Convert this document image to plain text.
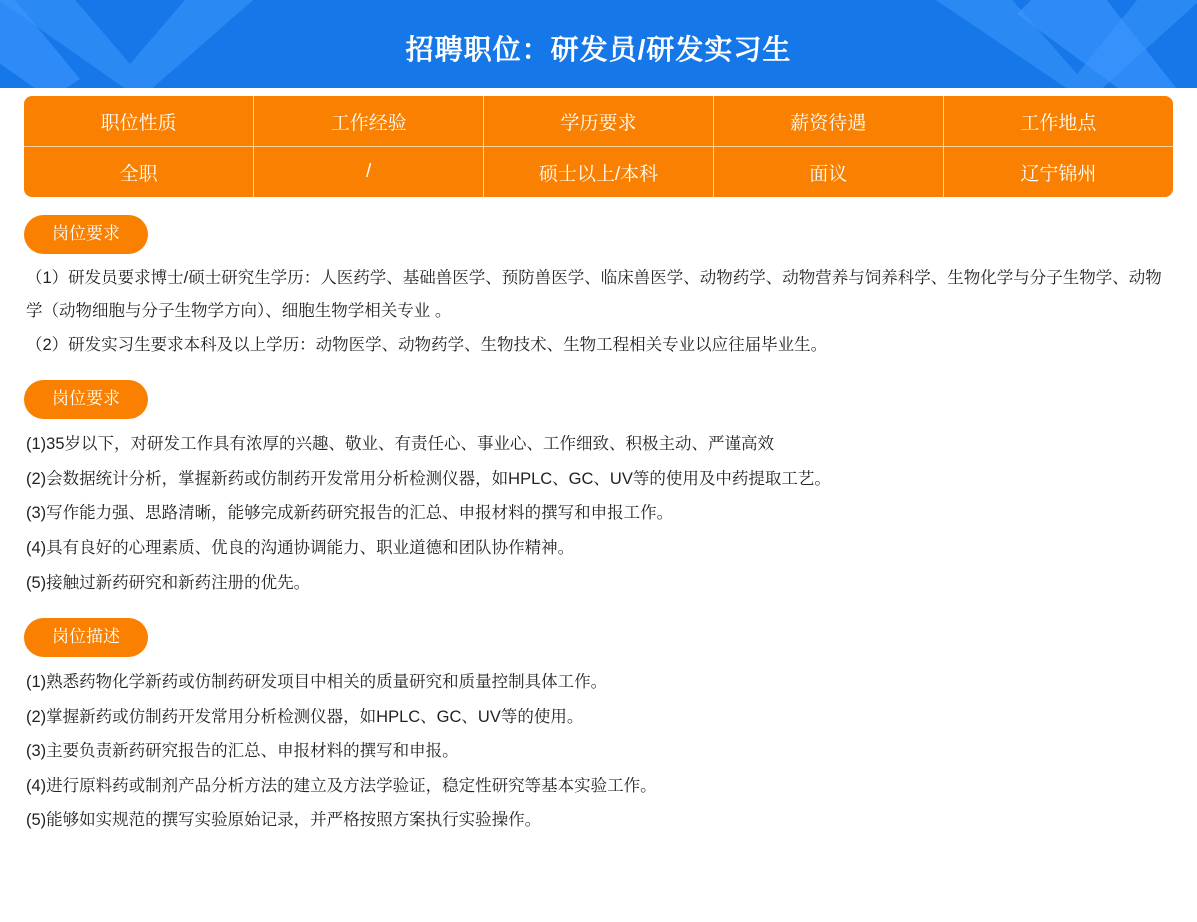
招聘职位：研发员/研发实习生
职位性质	工作经验	学历要求	薪资待遇	工作地点
全职	/	硕士以上/本科	面议	辽宁锦州
岗位要求
（1）研发员要求博士/硕士研究生学历：人医药学、基础兽医学、预防兽医学、临床兽医学、动物药学、动物营养与饲养科学、生物化学与分子生物学、动物学（动物细胞与分子生物学方向）、细胞生物学相关专业 。
（2）研发实习生要求本科及以上学历：动物医学、动物药学、生物技术、生物工程相关专业以应往届毕业生。
岗位要求
(1)35岁以下，对研发工作具有浓厚的兴趣、敬业、有责任心、事业心、工作细致、积极主动、严谨高效
(2)会数据统计分析，掌握新药或仿制药开发常用分析检测仪器，如HPLC、GC、UV等的使用及中药提取工艺。
(3)写作能力强、思路清晰，能够完成新药研究报告的汇总、申报材料的撰写和申报工作。
(4)具有良好的心理素质、优良的沟通协调能力、职业道德和团队协作精神。
(5)接触过新药研究和新药注册的优先。
岗位描述
(1)熟悉药物化学新药或仿制药研发项目中相关的质量研究和质量控制具体工作。
(2)掌握新药或仿制药开发常用分析检测仪器，如HPLC、GC、UV等的使用。
(3)主要负责新药研究报告的汇总、申报材料的撰写和申报。
(4)进行原料药或制剂产品分析方法的建立及方法学验证，稳定性研究等基本实验工作。
(5)能够如实规范的撰写实验原始记录，并严格按照方案执行实验操作。
